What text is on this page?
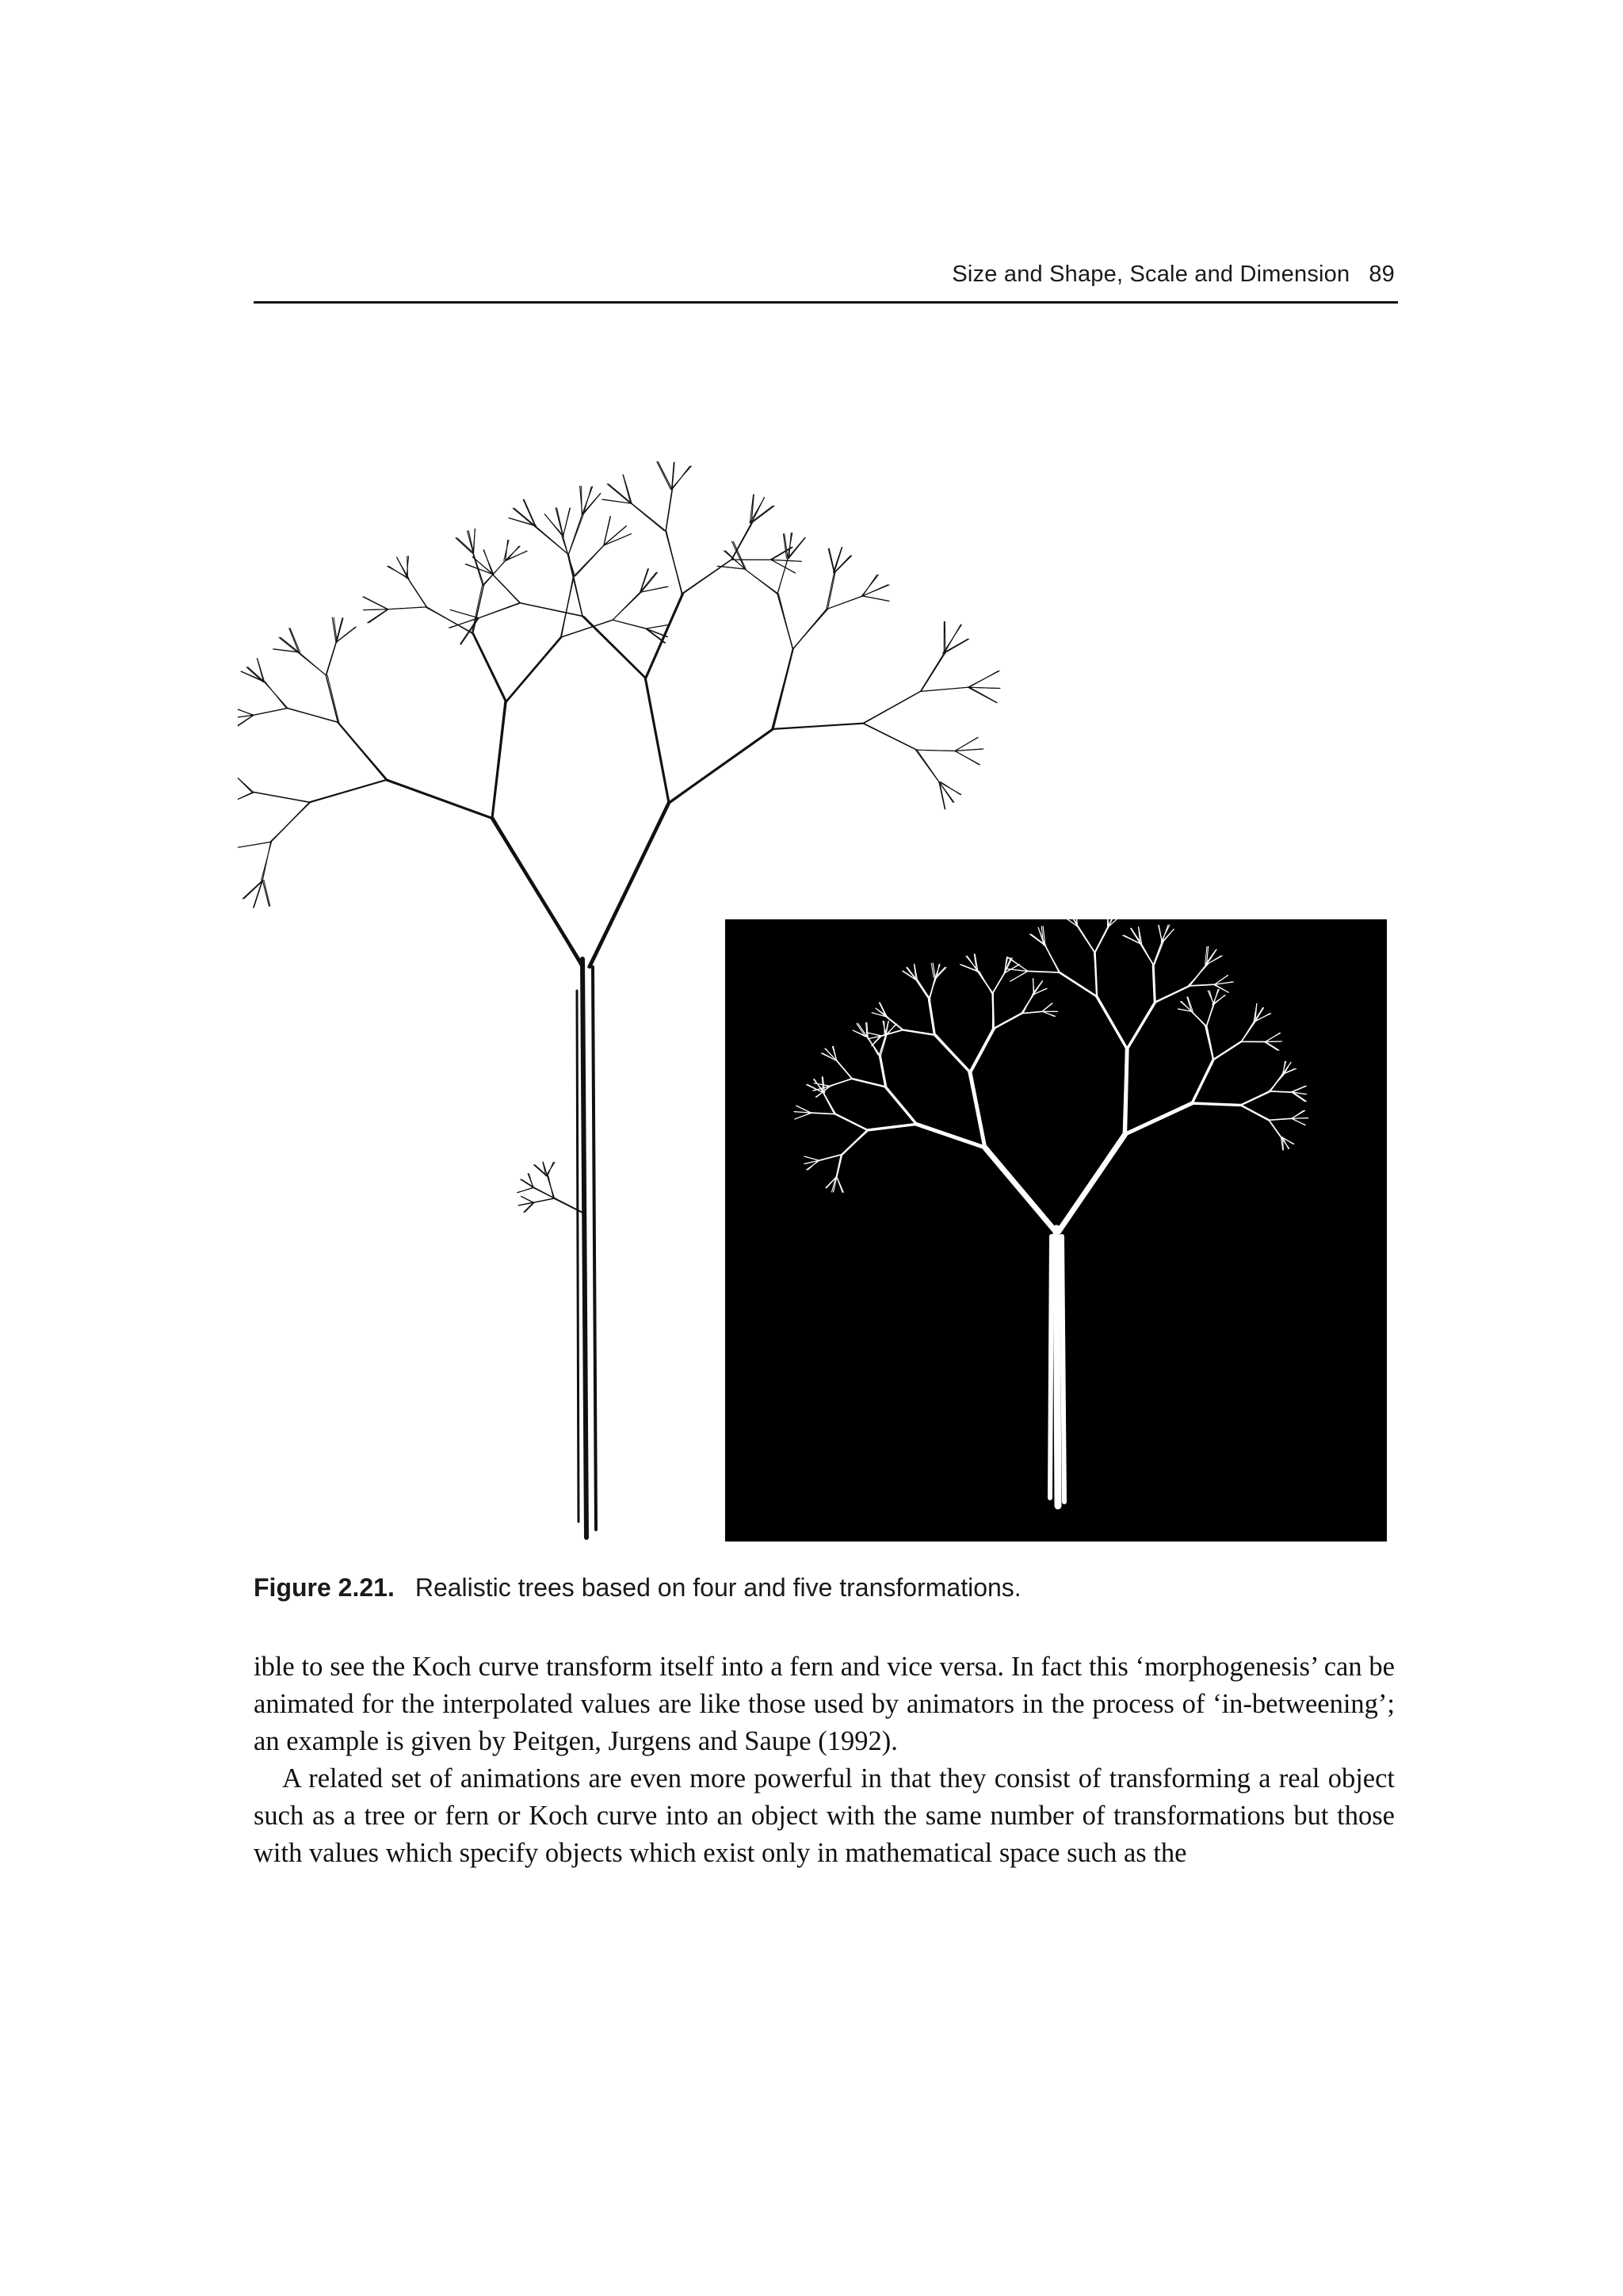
Size and Shape, Scale and Dimension 89
Figure 2.21. Realistic trees based on four and five transformations.

ible to see the Koch curve transform itself into a fern and vice versa. In fact this ‘morphogenesis’ can be animated for the interpolated values are like those used by animators in the process of ‘in-betweening’; an example is given by Peitgen, Jurgens and Saupe (1992).

A related set of animations are even more powerful in that they consist of transforming a real object such as a tree or fern or Koch curve into an object with the same number of transformations but those with values which specify objects which exist only in mathematical space such as the
